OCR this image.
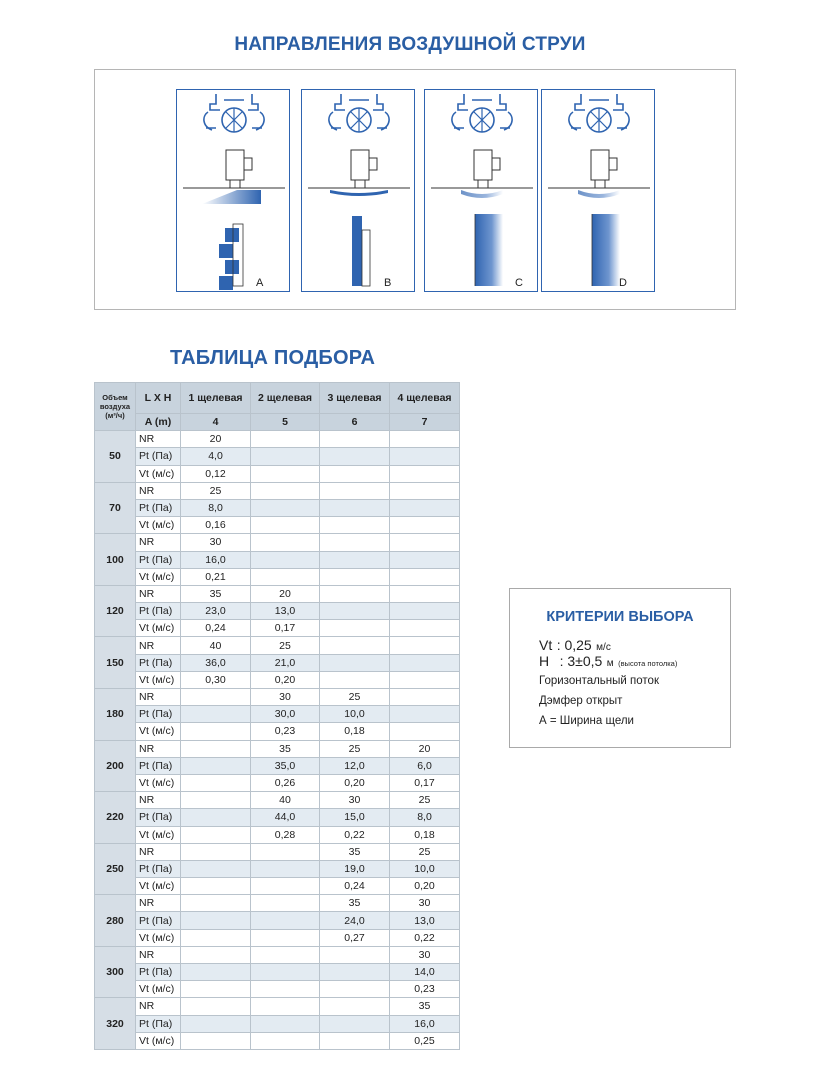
НАПРАВЛЕНИЯ ВОЗДУШНОЙ СТРУИ
A	B	C	D
ТАБЛИЦА ПОДБОРА
Объем воздуха (м³/ч)	L X H	1 щелевая	2 щелевая	3 щелевая	4 щелевая
	A (m)	4	5	6	7
50	NR	20			
	Pt (Па)	4,0			
	Vt (м/с)	0,12			
70	NR	25			
	Pt (Па)	8,0			
	Vt (м/с)	0,16			
100	NR	30			
	Pt (Па)	16,0			
	Vt (м/с)	0,21			
120	NR	35	20		
	Pt (Па)	23,0	13,0		
	Vt (м/с)	0,24	0,17		
150	NR	40	25		
	Pt (Па)	36,0	21,0		
	Vt (м/с)	0,30	0,20		
180	NR		30	25	
	Pt (Па)		30,0	10,0	
	Vt (м/с)		0,23	0,18	
200	NR		35	25	20
	Pt (Па)		35,0	12,0	6,0
	Vt (м/с)		0,26	0,20	0,17
220	NR		40	30	25
	Pt (Па)		44,0	15,0	8,0
	Vt (м/с)		0,28	0,22	0,18
250	NR			35	25
	Pt (Па)			19,0	10,0
	Vt (м/с)			0,24	0,20
280	NR			35	30
	Pt (Па)			24,0	13,0
	Vt (м/с)			0,27	0,22
300	NR				30
	Pt (Па)				14,0
	Vt (м/с)				0,23
320	NR				35
	Pt (Па)				16,0
	Vt (м/с)				0,25
КРИТЕРИИ ВЫБОРА
Vt : 0,25 м/с
H : 3±0,5 м (высота потолка)
Горизонтальный поток
Дэмфер открыт
А = Ширина щели
